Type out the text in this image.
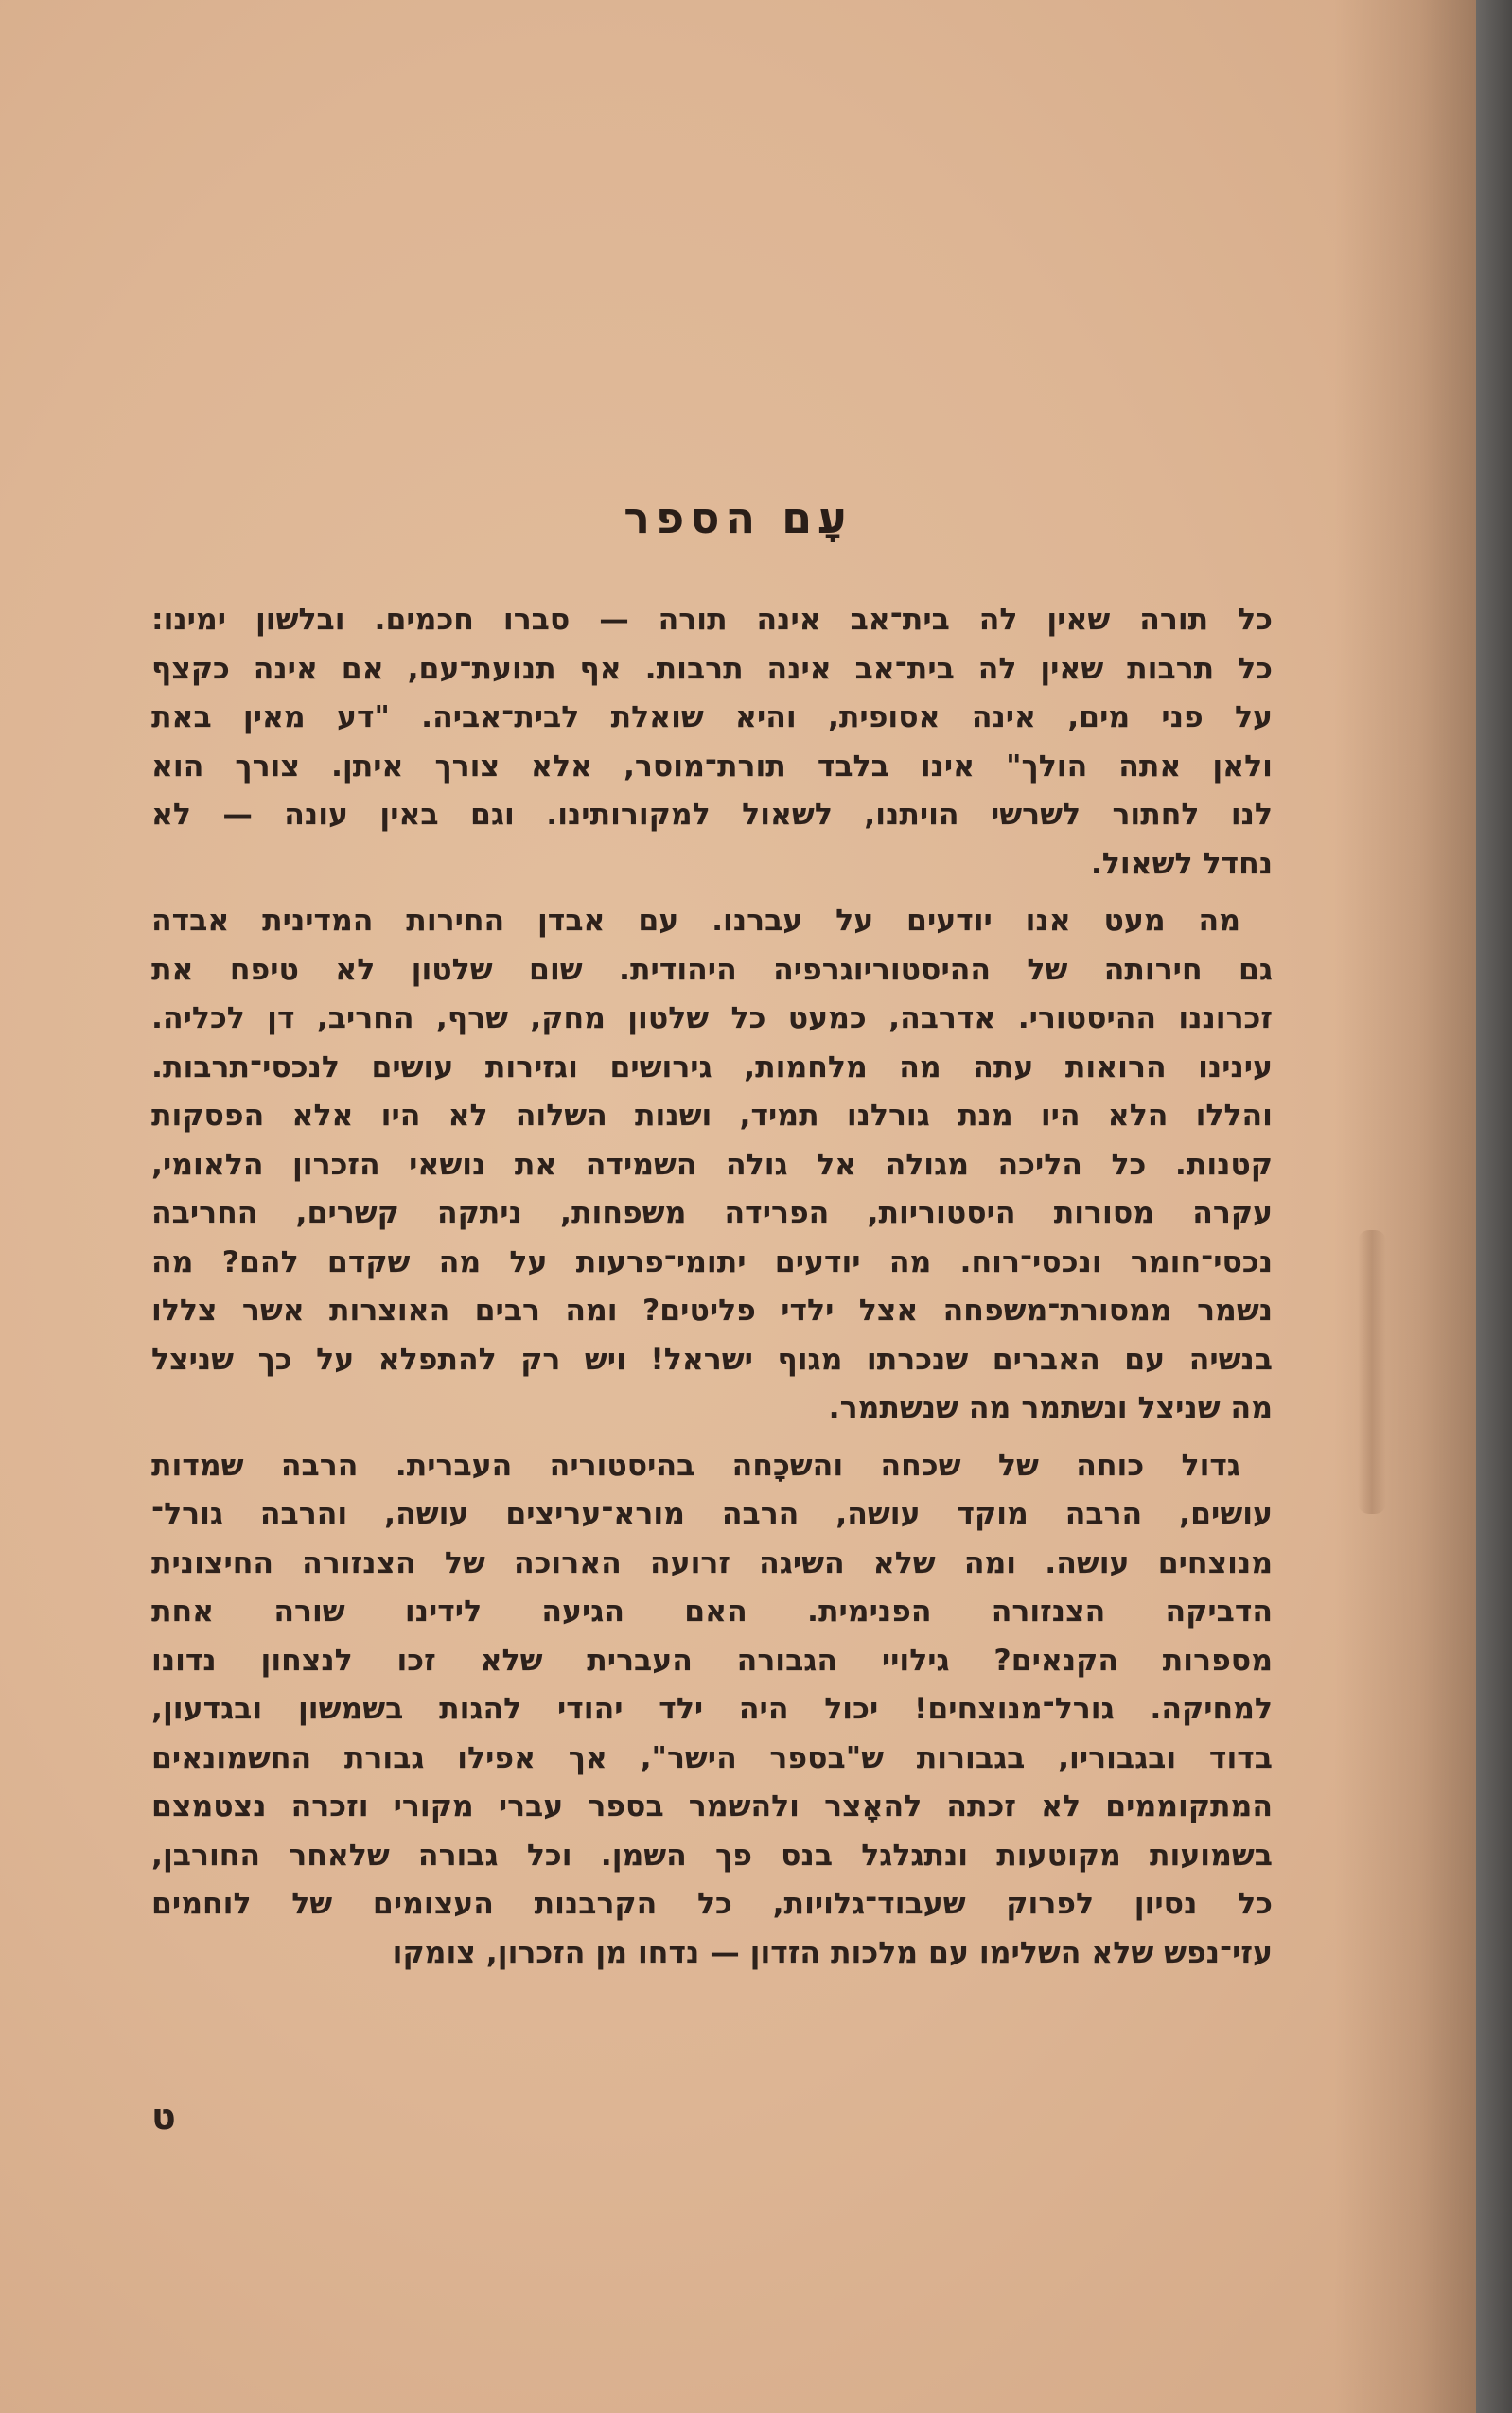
עָם הספר
כל תורה שאין לה בית־אב אינה תורה — סברו חכמים. ובלשון ימינו:
כל תרבות שאין לה בית־אב אינה תרבות. אף תנועת־עם, אם אינה כקצף
על פני מים, אינה אסופית, והיא שואלת לבית־אביה. "דע מאין באת
ולאן אתה הולך" אינו בלבד תורת־מוסר, אלא צורך איתן. צורך הוא
לנו לחתור לשרשי הויתנו, לשאול למקורותינו. וגם באין עונה — לא
נחדל לשאול.
מה מעט אנו יודעים על עברנו. עם אבדן החירות המדינית אבדה
גם חירותה של ההיסטוריוגרפיה היהודית. שום שלטון לא טיפח את
זכרוננו ההיסטורי. אדרבה, כמעט כל שלטון מחק, שרף, החריב, דן לכליה.
עינינו הרואות עתה מה מלחמות, גירושים וגזירות עושים לנכסי־תרבות.
והללו הלא היו מנת גורלנו תמיד, ושנות השלוה לא היו אלא הפסקות
קטנות. כל הליכה מגולה אל גולה השמידה את נושאי הזכרון הלאומי,
עקרה מסורות היסטוריות, הפרידה משפחות, ניתקה קשרים, החריבה
נכסי־חומר ונכסי־רוח. מה יודעים יתומי־פרעות על מה שקדם להם? מה
נשמר ממסורת־משפחה אצל ילדי פליטים? ומה רבים האוצרות אשר צללו
בנשיה עם האברים שנכרתו מגוף ישראל! ויש רק להתפלא על כך שניצל
מה שניצל ונשתמר מה שנשתמר.
גדול כוחה של שכחה והשכָחה בהיסטוריה העברית. הרבה שמדות
עושים, הרבה מוקד עושה, הרבה מורא־עריצים עושה, והרבה גורל־
מנוצחים עושה. ומה שלא השיגה זרועה הארוכה של הצנזורה החיצונית
הדביקה הצנזורה הפנימית. האם הגיעה לידינו שורה אחת
מספרות הקנאים? גילויי הגבורה העברית שלא זכו לנצחון נדונו
למחיקה. גורל־מנוצחים! יכול היה ילד יהודי להגות בשמשון ובגדעון,
בדוד ובגבוריו, בגבורות ש"בספר הישר", אך אפילו גבורת החשמונאים
המתקוממים לא זכתה להאָצר ולהשמר בספר עברי מקורי וזכרה נצטמצם
בשמועות מקוטעות ונתגלגל בנס פך השמן. וכל גבורה שלאחר החורבן,
כל נסיון לפרוק שעבוד־גלויות, כל הקרבנות העצומים של לוחמים
עזי־נפש שלא השלימו עם מלכות הזדון — נדחו מן הזכרון, צומקו
ט
